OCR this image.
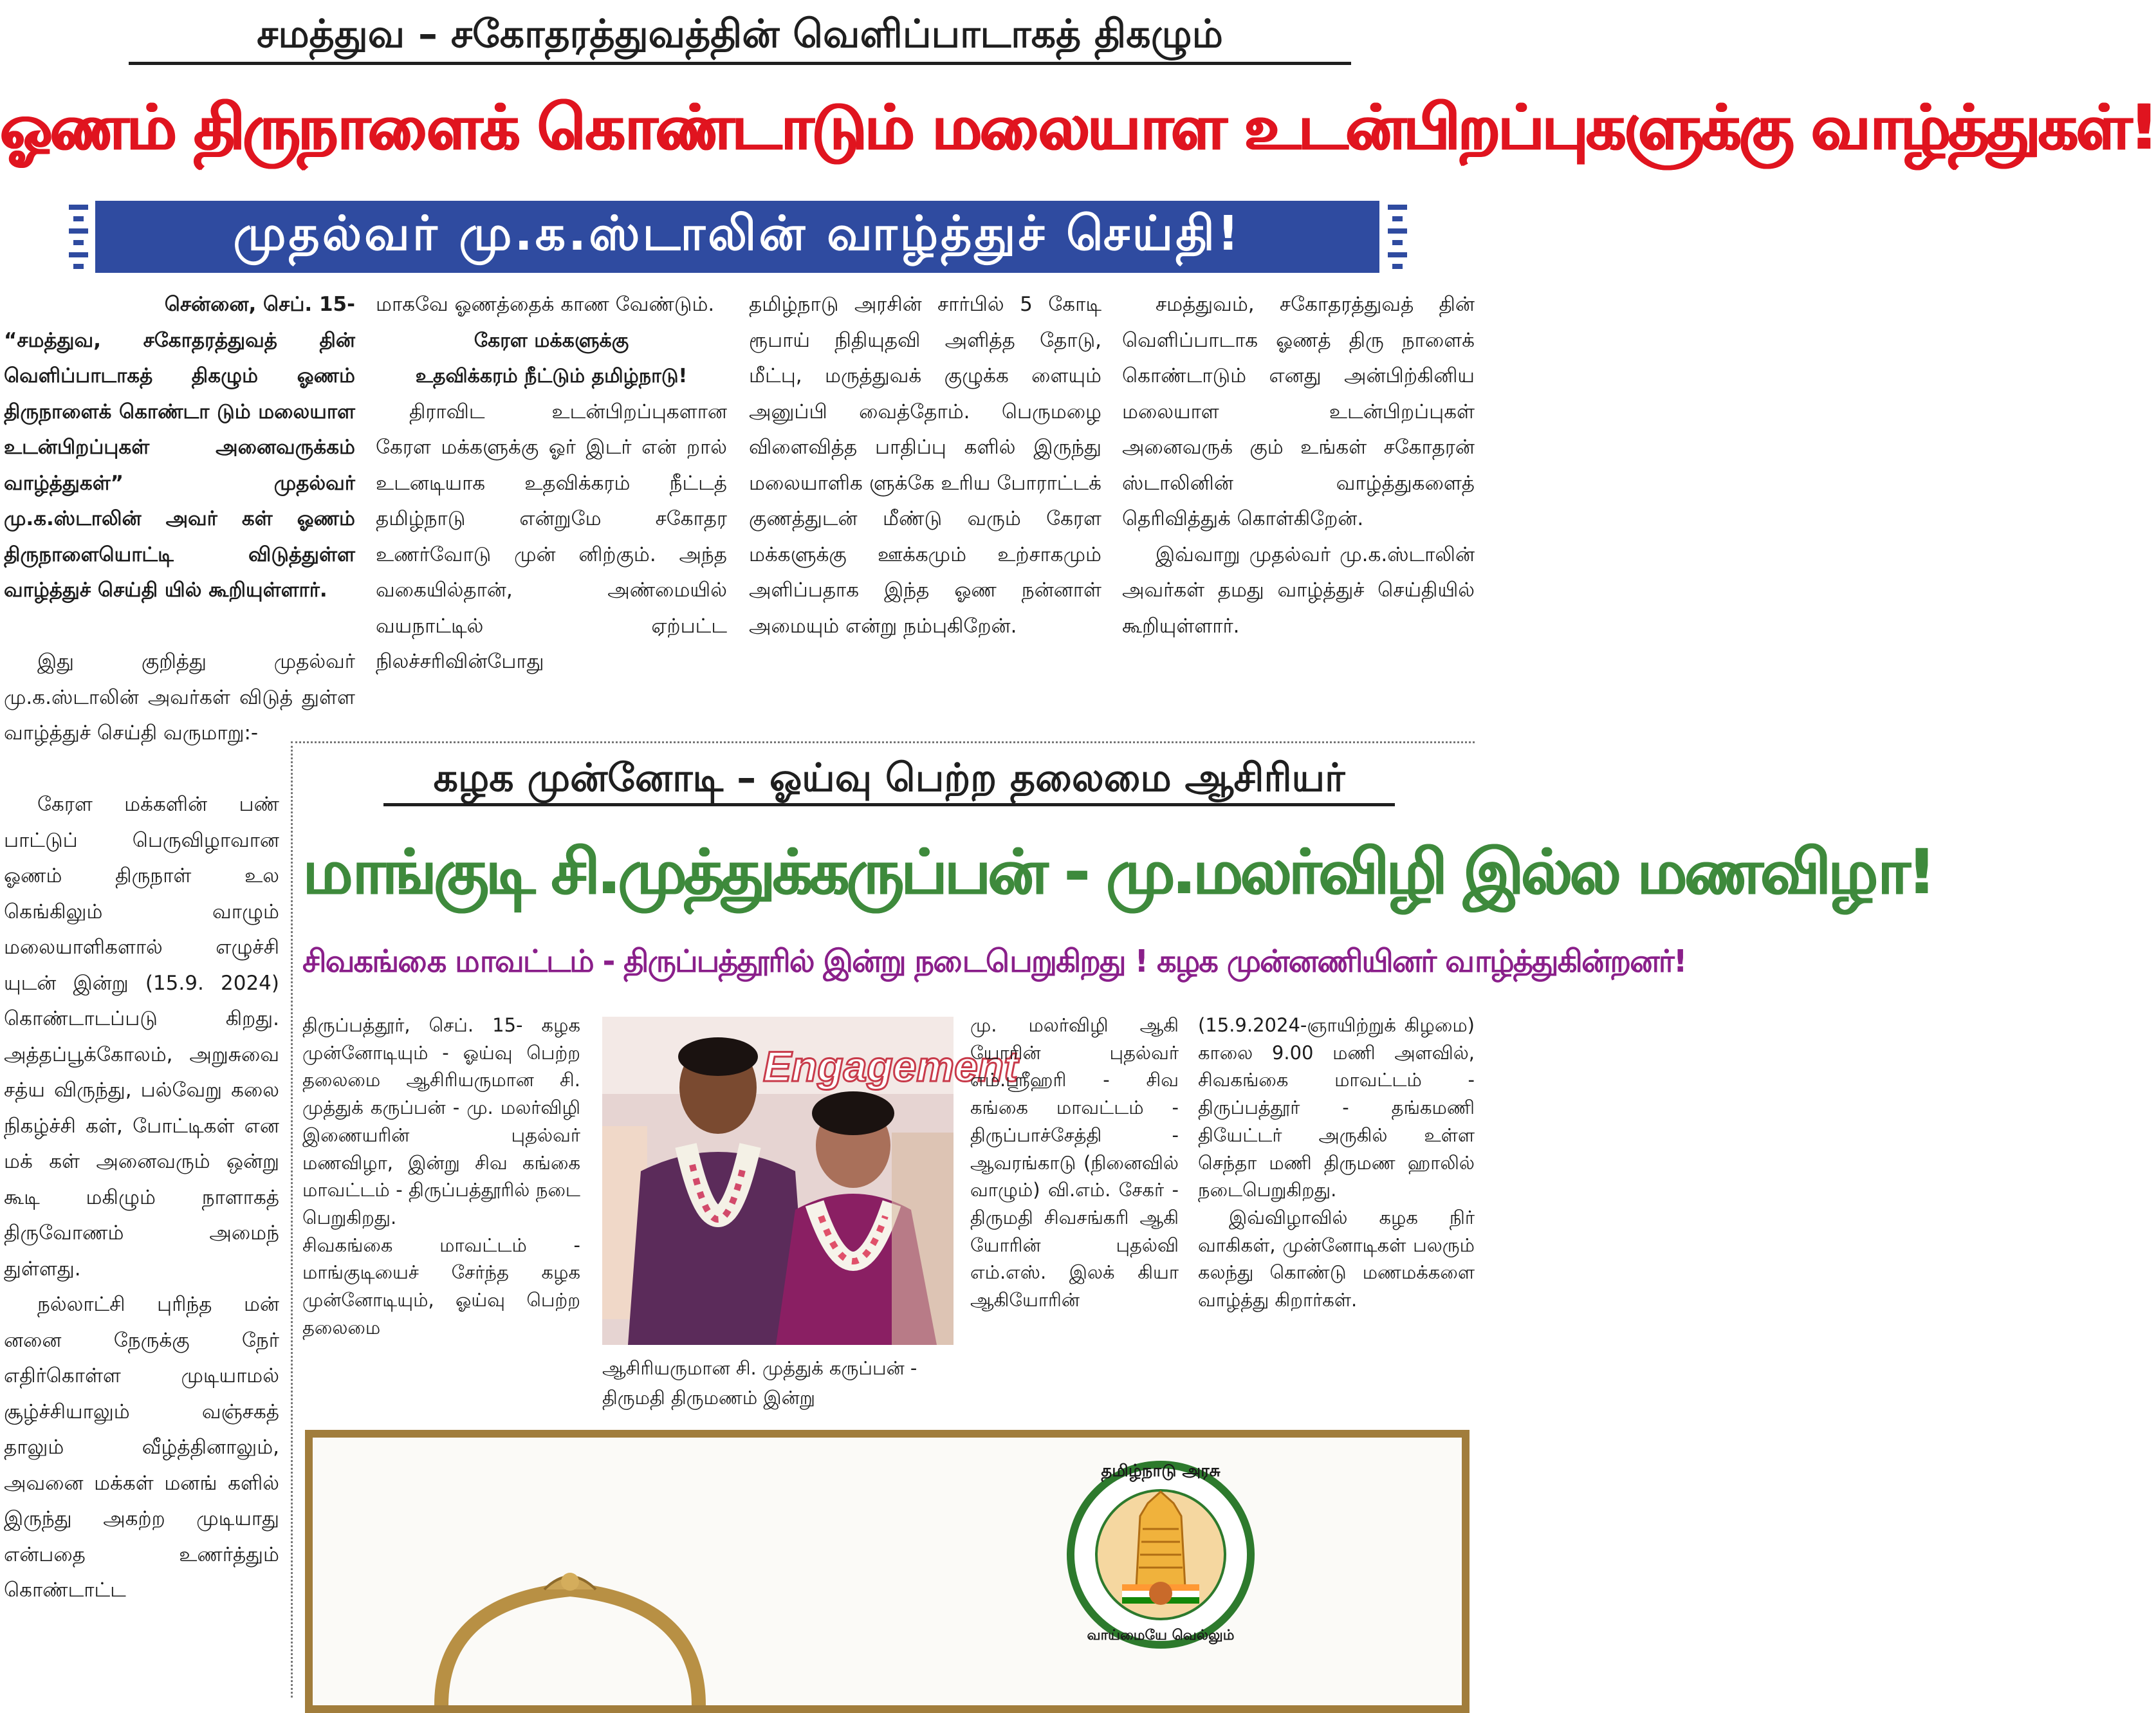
சமத்துவ – சகோதரத்துவத்தின் வெளிப்பாடாகத் திகழும்
ஓணம் திருநாளைக் கொண்டாடும் மலையாள உடன்பிறப்புகளுக்கு வாழ்த்துகள்!
முதல்வர் மு.க.ஸ்டாலின் வாழ்த்துச் செய்தி!

சென்னை, செப். 15-

“சமத்துவ, சகோதரத்துவத் தின் வெளிப்பாடாகத் திகழும் ஓணம் திருநாளைக் கொண்டா டும் மலையாள உடன்பிறப்புகள் அனைவருக்கம் வாழ்த்துகள்” முதல்வர் மு.க.ஸ்டாலின் அவர் கள் ஓணம் திருநாளையொட்டி விடுத்துள்ள வாழ்த்துச் செய்தி யில் கூறியுள்ளார்.

இது குறித்து முதல்வர் மு.க.ஸ்டாலின் அவர்கள் விடுத் துள்ள வாழ்த்துச் செய்தி வருமாறு:-

கேரள மக்களின் பண் பாட்டுப் பெருவிழாவான ஓணம் திருநாள் உல கெங்கிலும் வாழும் மலையாளிகளால் எழுச்சி யுடன் இன்று (15.9. 2024) கொண்டாடப்படு கிறது. அத்தப்பூக்கோலம், அறுசுவை சத்ய விருந்து, பல்வேறு கலை நிகழ்ச்சி கள், போட்டிகள் என மக் கள் அனைவரும் ஒன்று கூடி மகிழும் நாளாகத் திருவோணம் அமைந் துள்ளது.

நல்லாட்சி புரிந்த மன் னனை நேருக்கு நேர் எதிர்கொள்ள முடியாமல் சூழ்ச்சியாலும் வஞ்சகத் தாலும் வீழ்த்தினாலும், அவனை மக்கள் மனங் களில் இருந்து அகற்ற முடியாது என்பதை உணர்த்தும் கொண்டாட்ட

மாகவே ஓணத்தைக் காண வேண்டும்.

கேரள மக்களுக்கு

உதவிக்கரம் நீட்டும் தமிழ்நாடு!

திராவிட உடன்பிறப்புகளான கேரள மக்களுக்கு ஓர் இடர் என் றால் உடனடியாக உதவிக்கரம் நீட்டத் தமிழ்நாடு என்றுமே சகோதர உணர்வோடு முன் னிற்கும். அந்த வகையில்தான், அண்மையில் வயநாட்டில் ஏற்பட்ட நிலச்சரிவின்போது

தமிழ்நாடு அரசின் சார்பில் 5 கோடி ரூபாய் நிதியுதவி அளித்த தோடு, மீட்பு, மருத்துவக் குழுக்க ளையும் அனுப்பி வைத்தோம். பெருமழை விளைவித்த பாதிப்பு களில் இருந்து மலையாளிக ளுக்கே உரிய போராட்டக் குணத்துடன் மீண்டு வரும் கேரள மக்களுக்கு ஊக்கமும் உற்சாகமும் அளிப்பதாக இந்த ஓண நன்னாள் அமையும் என்று நம்புகிறேன்.

சமத்துவம், சகோதரத்துவத் தின் வெளிப்பாடாக ஓணத் திரு நாளைக் கொண்டாடும் எனது அன்பிற்கினிய மலையாள உடன்பிறப்புகள் அனைவருக் கும் உங்கள் சகோதரன் ஸ்டாலினின் வாழ்த்துகளைத் தெரிவித்துக் கொள்கிறேன்.

இவ்வாறு முதல்வர் மு.க.ஸ்டாலின் அவர்கள் தமது வாழ்த்துச் செய்தியில் கூறியுள்ளார்.

கழக முன்னோடி – ஓய்வு பெற்ற தலைமை ஆசிரியர்
மாங்குடி சி.முத்துக்கருப்பன் - மு.மலர்விழி இல்ல மணவிழா!
சிவகங்கை மாவட்டம் - திருப்பத்தூரில் இன்று நடைபெறுகிறது ! கழக முன்னணியினர் வாழ்த்துகின்றனர்!

திருப்பத்தூர், செப். 15- கழக முன்னோடியும் - ஓய்வு பெற்ற தலைமை ஆசிரியருமான சி. முத்துக் கருப்பன் - மு. மலர்விழி இணையரின் புதல்வர் மணவிழா, இன்று சிவ கங்கை மாவட்டம் - திருப்பத்தூரில் நடை பெறுகிறது.

சிவகங்கை மாவட்டம் - மாங்குடியைச் சேர்ந்த கழக முன்னோடியும், ஓய்வு பெற்ற தலைமை

Engagement
ஆசிரியருமான சி. முத்துக் கருப்பன் - திருமதி திருமணம் இன்று

மு. மலர்விழி ஆகி யோரின் புதல்வர் எம்.ஸ்ரீஹரி - சிவ கங்கை மாவட்டம் - திருப்பாச்சேத்தி - ஆவரங்காடு (நினைவில் வாழும்) வி.எம். சேகர் - திருமதி சிவசங்கரி ஆகி யோரின் புதல்வி எம்.எஸ். இலக் கியா ஆகியோரின்

(15.9.2024-ஞாயிற்றுக் கிழமை) காலை 9.00 மணி அளவில், சிவகங்கை மாவட்டம் - திருப்பத்தூர் - தங்கமணி தியேட்டர் அருகில் உள்ள செந்தா மணி திருமண ஹாலில் நடைபெறுகிறது.

இவ்விழாவில் கழக நிர் வாகிகள், முன்னோடிகள் பலரும் கலந்து கொண்டு மணமக்களை வாழ்த்து கிறார்கள்.

தமிழ்நாடு அரசு
வாய்மையே வெல்லும்
